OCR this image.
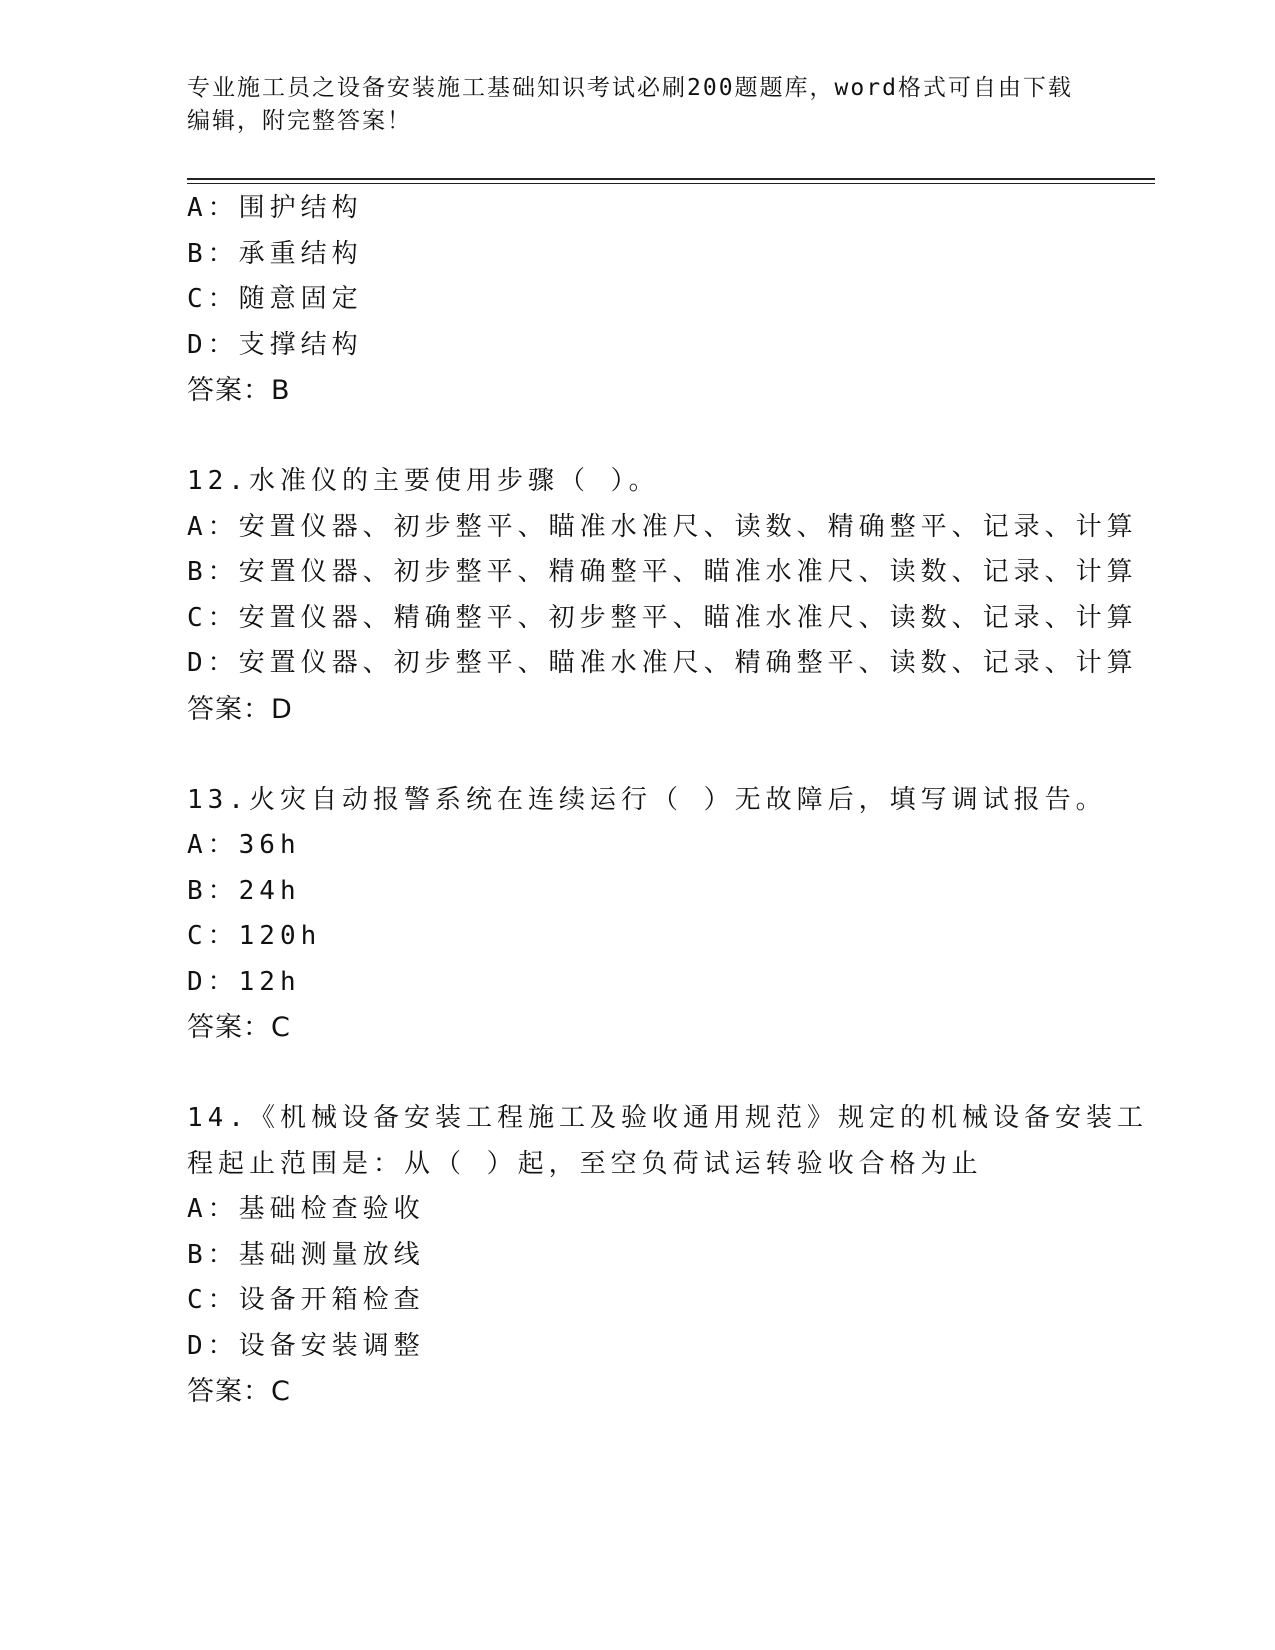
专业施工员之设备安装施工基础知识考试必刷200题题库，word格式可自由下载
编辑，附完整答案！
A：围护结构
B：承重结构
C：随意固定
D：支撑结构
答案：B
12.水准仪的主要使用步骤（ ）。
A：安置仪器、初步整平、瞄准水准尺、读数、精确整平、记录、计算
B：安置仪器、初步整平、精确整平、瞄准水准尺、读数、记录、计算
C：安置仪器、精确整平、初步整平、瞄准水准尺、读数、记录、计算
D：安置仪器、初步整平、瞄准水准尺、精确整平、读数、记录、计算
答案：D
13.火灾自动报警系统在连续运行（ ）无故障后，填写调试报告。
A：36h
B：24h
C：120h
D：12h
答案：C
14.《机械设备安装工程施工及验收通用规范》规定的机械设备安装工
程起止范围是：从（ ）起，至空负荷试运转验收合格为止
A：基础检查验收
B：基础测量放线
C：设备开箱检查
D：设备安装调整
答案：C
